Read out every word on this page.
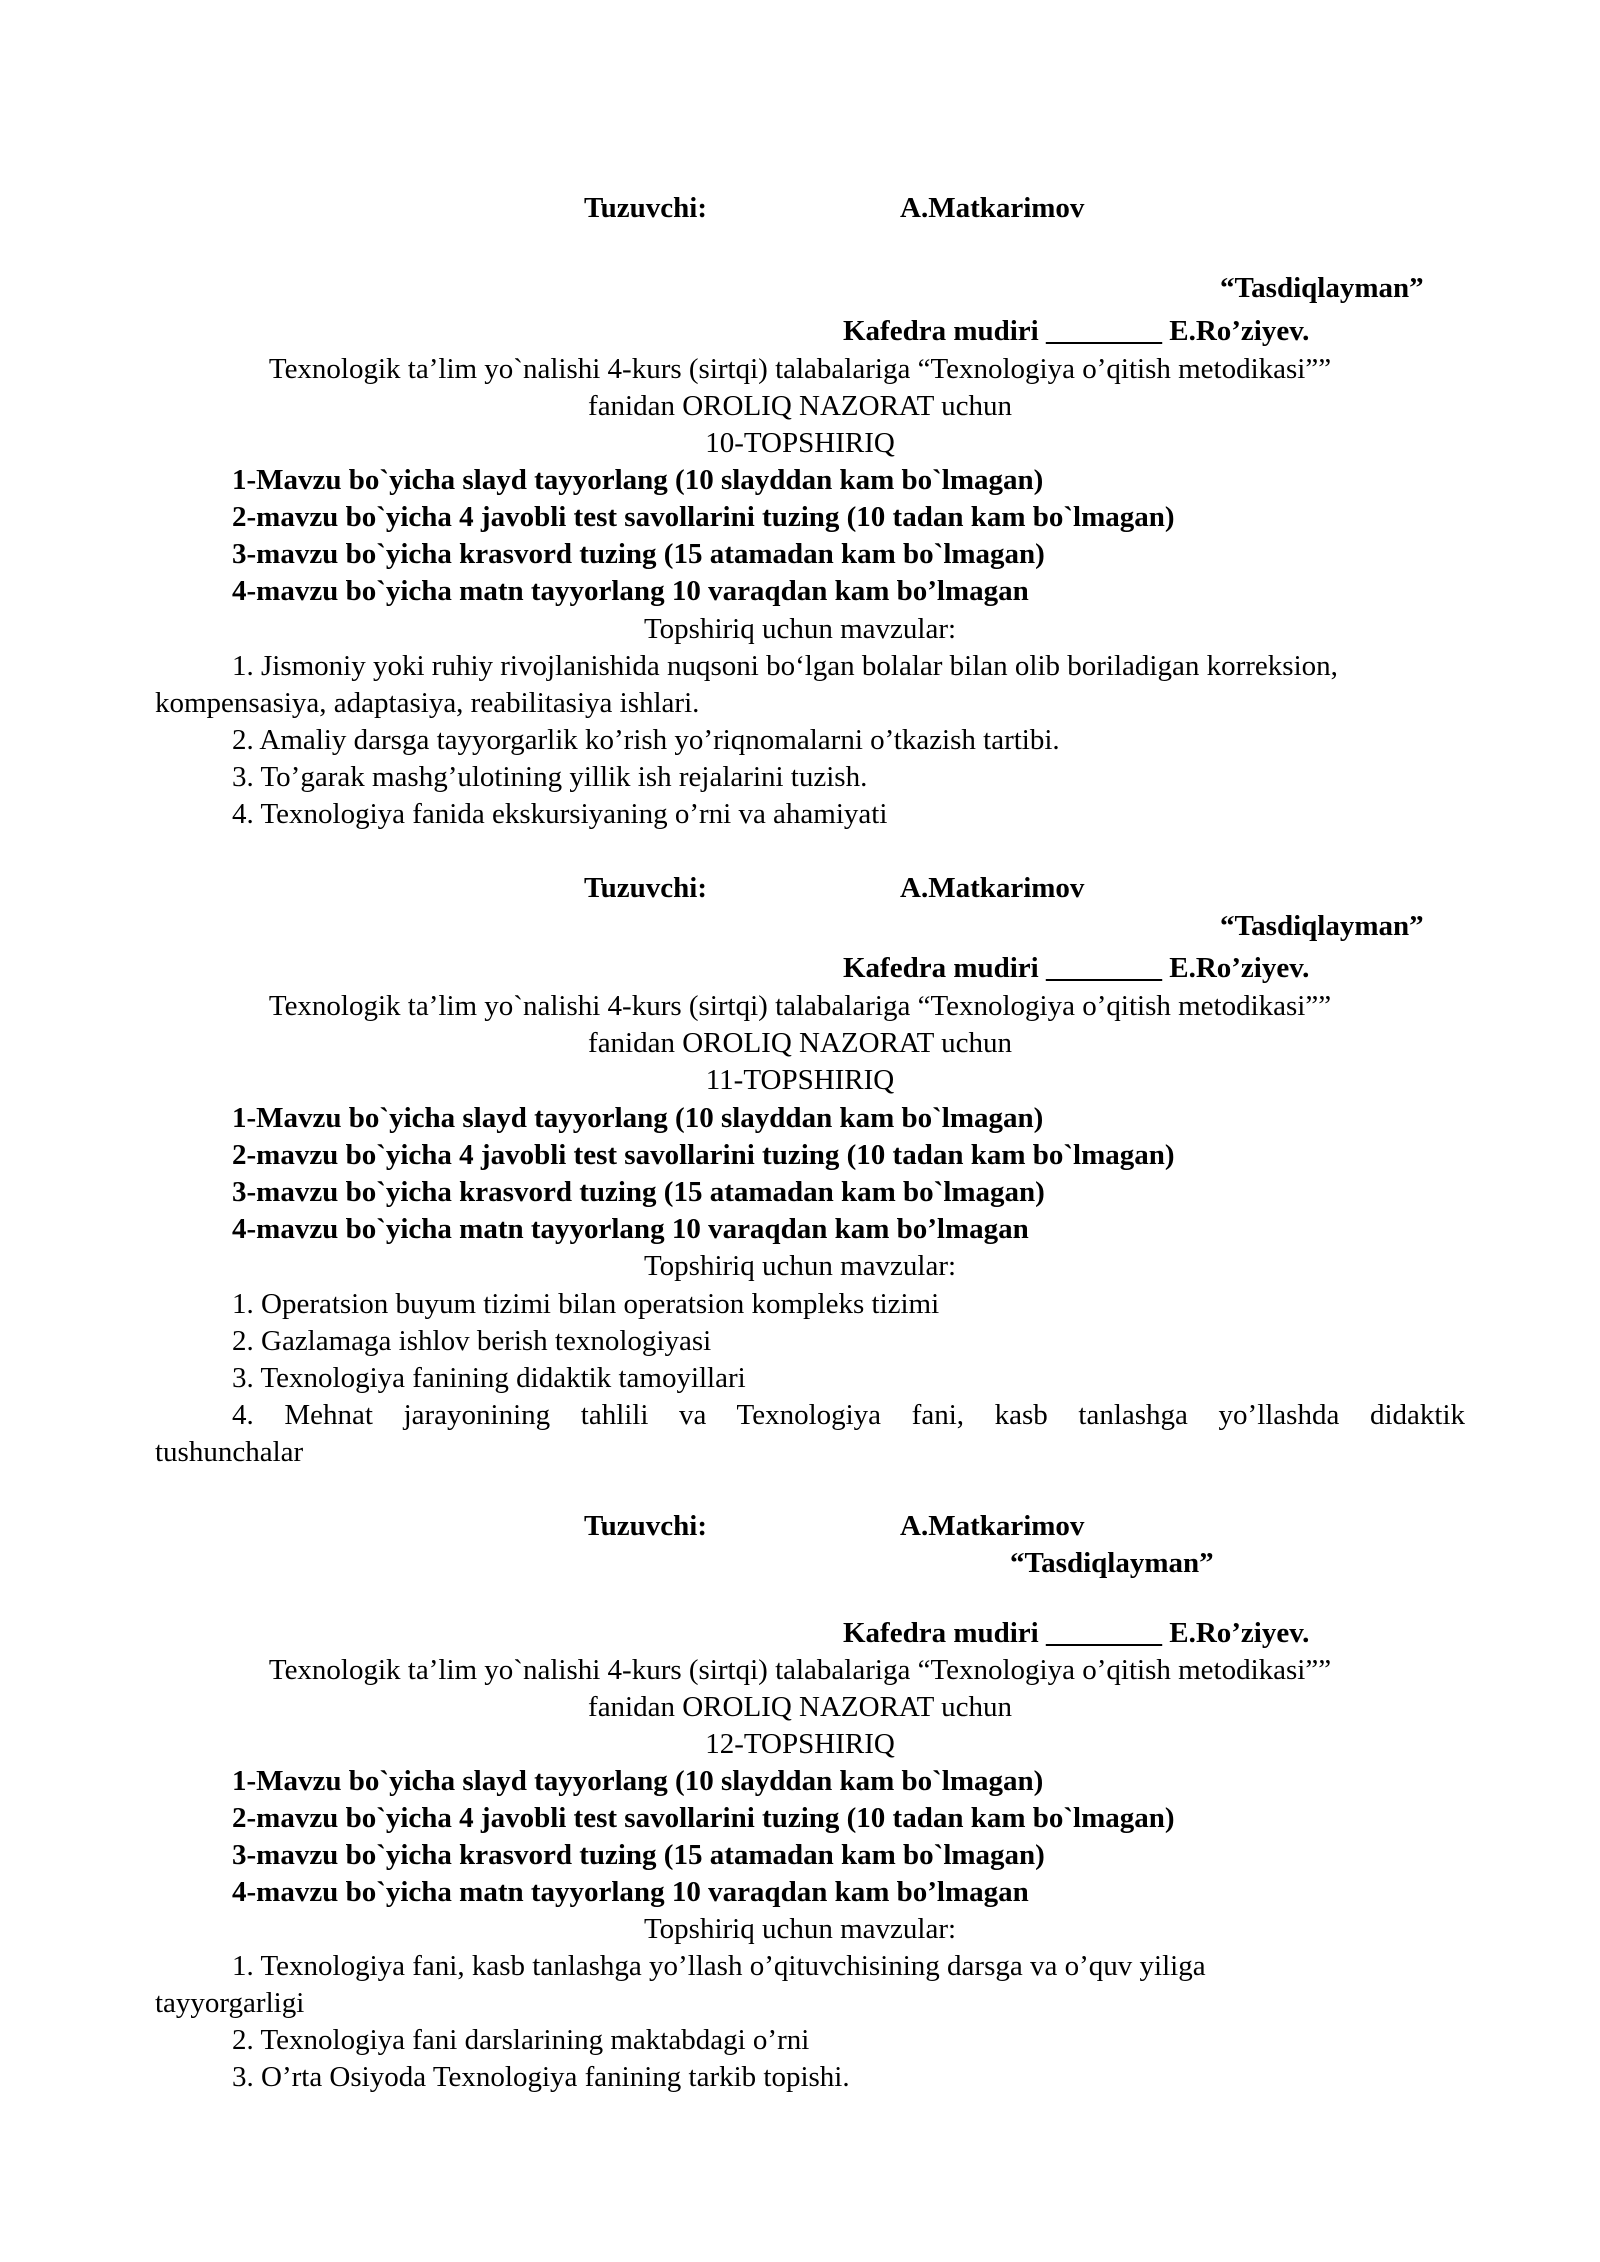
Tuzuvchi:	A.Matkarimov
“Tasdiqlayman”
Kafedra mudiri ________ E.Ro’ziyev.
Texnologik ta’lim yo`nalishi 4-kurs (sirtqi) talabalariga “Texnologiya o’qitish metodikasi””
fanidan OROLIQ NAZORAT uchun
10-TOPSHIRIQ
1-Mavzu bo`yicha slayd tayyorlang (10 slayddan kam bo`lmagan)
2-mavzu bo`yicha 4 javobli test savollarini tuzing (10 tadan kam bo`lmagan)
3-mavzu bo`yicha krasvord tuzing (15 atamadan kam bo`lmagan)
4-mavzu bo`yicha matn tayyorlang 10 varaqdan kam bo’lmagan
Topshiriq uchun mavzular:
1. Jismoniy yoki ruhiy rivojlanishida nuqsoni bo‘lgan bolalar bilan olib boriladigan korreksion,
kompensasiya, adaptasiya, reabilitasiya ishlari.
2. Amaliy darsga tayyorgarlik ko’rish yo’riqnomalarni o’tkazish tartibi.
3. To’garak mashg’ulotining yillik ish rejalarini tuzish.
4. Texnologiya fanida ekskursiyaning o’rni va ahamiyati
Tuzuvchi:	A.Matkarimov
“Tasdiqlayman”
Kafedra mudiri ________ E.Ro’ziyev.
Texnologik ta’lim yo`nalishi 4-kurs (sirtqi) talabalariga “Texnologiya o’qitish metodikasi””
fanidan OROLIQ NAZORAT uchun
11-TOPSHIRIQ
1-Mavzu bo`yicha slayd tayyorlang (10 slayddan kam bo`lmagan)
2-mavzu bo`yicha 4 javobli test savollarini tuzing (10 tadan kam bo`lmagan)
3-mavzu bo`yicha krasvord tuzing (15 atamadan kam bo`lmagan)
4-mavzu bo`yicha matn tayyorlang 10 varaqdan kam bo’lmagan
Topshiriq uchun mavzular:
1. Operatsion buyum tizimi bilan operatsion kompleks tizimi
2. Gazlamaga ishlov berish texnologiyasi
3. Texnologiya fanining didaktik tamoyillari
4. Mehnat jarayonining tahlili va Texnologiya fani, kasb tanlashga yo’llashda didaktik
tushunchalar
Tuzuvchi:	A.Matkarimov
“Tasdiqlayman”
Kafedra mudiri ________ E.Ro’ziyev.
Texnologik ta’lim yo`nalishi 4-kurs (sirtqi) talabalariga “Texnologiya o’qitish metodikasi””
fanidan OROLIQ NAZORAT uchun
12-TOPSHIRIQ
1-Mavzu bo`yicha slayd tayyorlang (10 slayddan kam bo`lmagan)
2-mavzu bo`yicha 4 javobli test savollarini tuzing (10 tadan kam bo`lmagan)
3-mavzu bo`yicha krasvord tuzing (15 atamadan kam bo`lmagan)
4-mavzu bo`yicha matn tayyorlang 10 varaqdan kam bo’lmagan
Topshiriq uchun mavzular:
1. Texnologiya fani, kasb tanlashga yo’llash o’qituvchisining darsga va o’quv yiliga
tayyorgarligi
2. Texnologiya fani darslarining maktabdagi o’rni
3. O’rta Osiyoda Texnologiya fanining tarkib topishi.
